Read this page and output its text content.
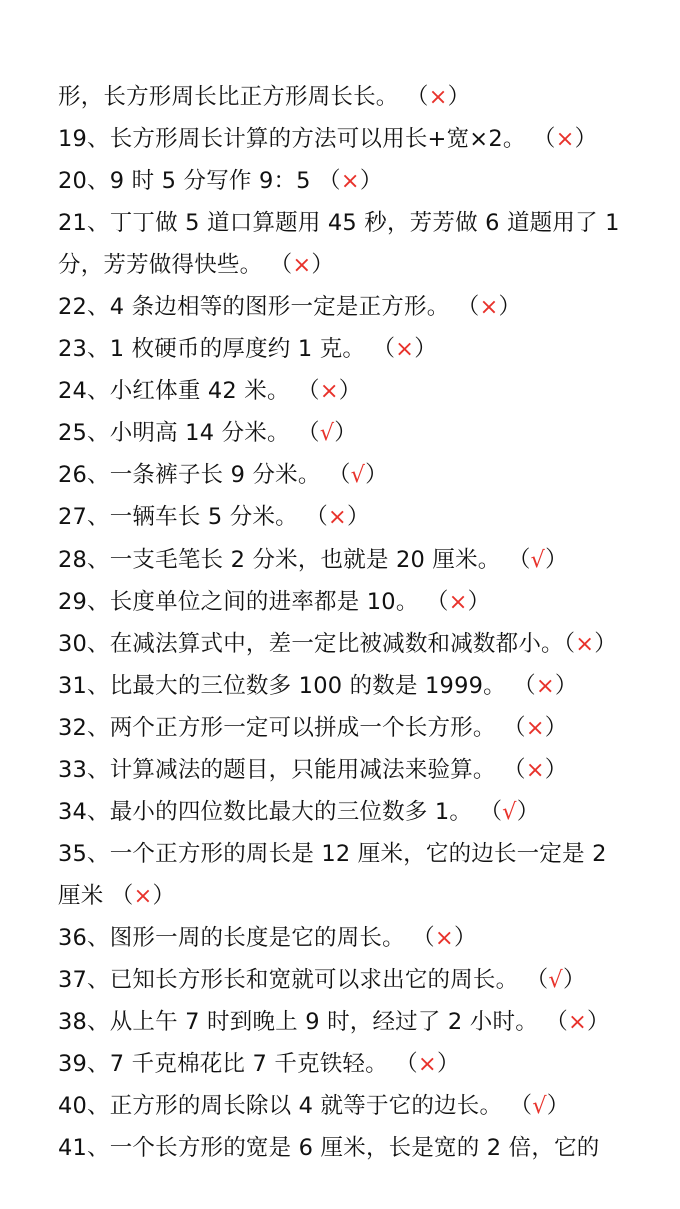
形，长方形周长比正方形周长长。 （×）
19、长方形周长计算的方法可以用长+宽×2。 （×）
20、9 时 5 分写作 9：5 （×）
21、丁丁做 5 道口算题用 45 秒，芳芳做 6 道题用了 1
分，芳芳做得快些。 （×）
22、4 条边相等的图形一定是正方形。 （×）
23、1 枚硬币的厚度约 1 克。 （×）
24、小红体重 42 米。 （×）
25、小明高 14 分米。 （√）
26、一条裤子长 9 分米。 （√）
27、一辆车长 5 分米。 （×）
28、一支毛笔长 2 分米，也就是 20 厘米。 （√）
29、长度单位之间的进率都是 10。 （×）
30、在减法算式中，差一定比被减数和减数都小。（×）
31、比最大的三位数多 100 的数是 1999。 （×）
32、两个正方形一定可以拼成一个长方形。 （×）
33、计算减法的题目，只能用减法来验算。 （×）
34、最小的四位数比最大的三位数多 1。 （√）
35、一个正方形的周长是 12 厘米，它的边长一定是 2
厘米 （×）
36、图形一周的长度是它的周长。 （×）
37、已知长方形长和宽就可以求出它的周长。 （√）
38、从上午 7 时到晚上 9 时，经过了 2 小时。 （×）
39、7 千克棉花比 7 千克铁轻。 （×）
40、正方形的周长除以 4 就等于它的边长。 （√）
41、一个长方形的宽是 6 厘米，长是宽的 2 倍，它的
